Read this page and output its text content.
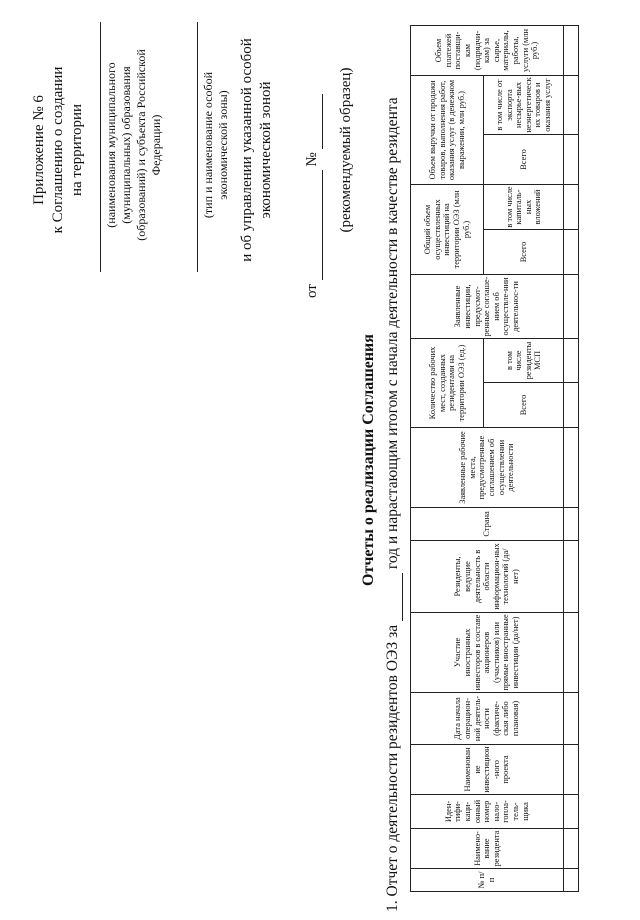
Приложение № 6 к Соглашению о создании на территории (наименования муниципального (муниципальных) образования (образований) и субъекта Российской Федерации)	(тип и наименование особой экономической зоны) и об управлении указанной особой экономической зоной
от   № (рекомендуемый образец)
Отчеты о реализации Соглашения
1. Отчет о деятельности резидентов ОЭЗ за   год и нарастающим итогом с начала деятельности в качестве резидента
№ п/п	Наимено-вание резидента	Иден-тифи-каци-онный номер нало-гопла-тель-щика	Наименование инвестицион-ного проекта	Дата начала операцион-ной деятель-ности (фактиче-ская либо плановая)	Участие иностранных инвесторов в составе акционеров (участников) или прямые иностранные инвестиции (да/нет)	Резиденты, ведущие деятельность в области информацион-ных технологий (да/нет)	Страна	Заявленные рабочие места, предусмотренные соглашением об осуществлении деятельности	Количество рабочих мест, созданных резидентами на территории ОЭЗ (ед.)		Заявленные инвестиции, предусмот-ренные соглаше-нием об осуществле-нии деятельнос-ти	Общий объем осуществленных инвестиций на территории ОЭЗ (млн руб.)		Объем выручки от продажи товаров, выполнения работ, оказания услуг (в денежном выражении, млн руб.)		Объем платежей поставщи-кам (подрядчи-кам) за сырье, материалы, работы, услуги (млн руб.)
									Всего	в том числе резиденты МСП		Всего	в том числе капиталь-ных вложений	Всего	в том числе от экспорта несырье-вых неэнергетических товаров и оказания услуг	
